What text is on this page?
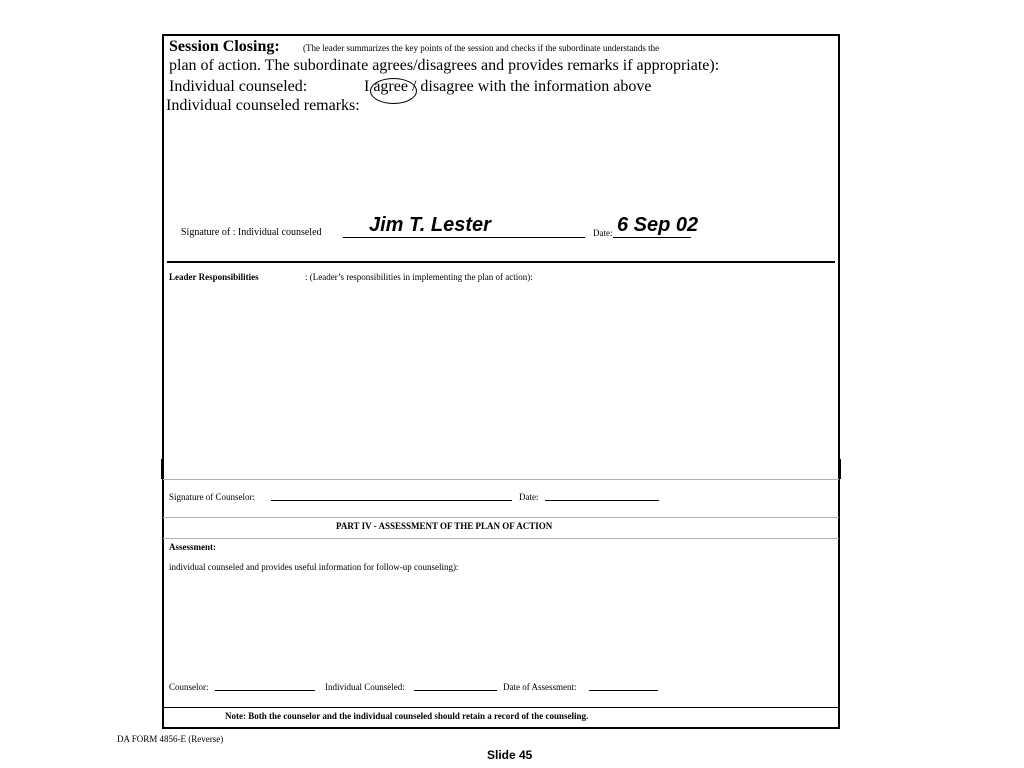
Session Closing:	(The leader summarizes the key points of the session and checks if the subordinate understands the
plan of action. The subordinate agrees/disagrees and provides remarks if appropriate):
Individual counseled:	I agree / disagree with the information above
Individual counseled remarks:
Signature of : Individual counseled Jim T. Lester	Date: 6 Sep 02
Leader Responsibilities	: (Leader’s responsibilities in implementing the plan of action):
Signature of Counselor:	Date:
PART IV - ASSESSMENT OF THE PLAN OF ACTION
Assessment:
individual counseled and provides useful information for follow-up counseling):
Counselor:	Individual Counseled:	Date of Assessment:
Note: Both the counselor and the individual counseled should retain a record of the counseling.
DA FORM 4856-E (Reverse)
Slide 45
